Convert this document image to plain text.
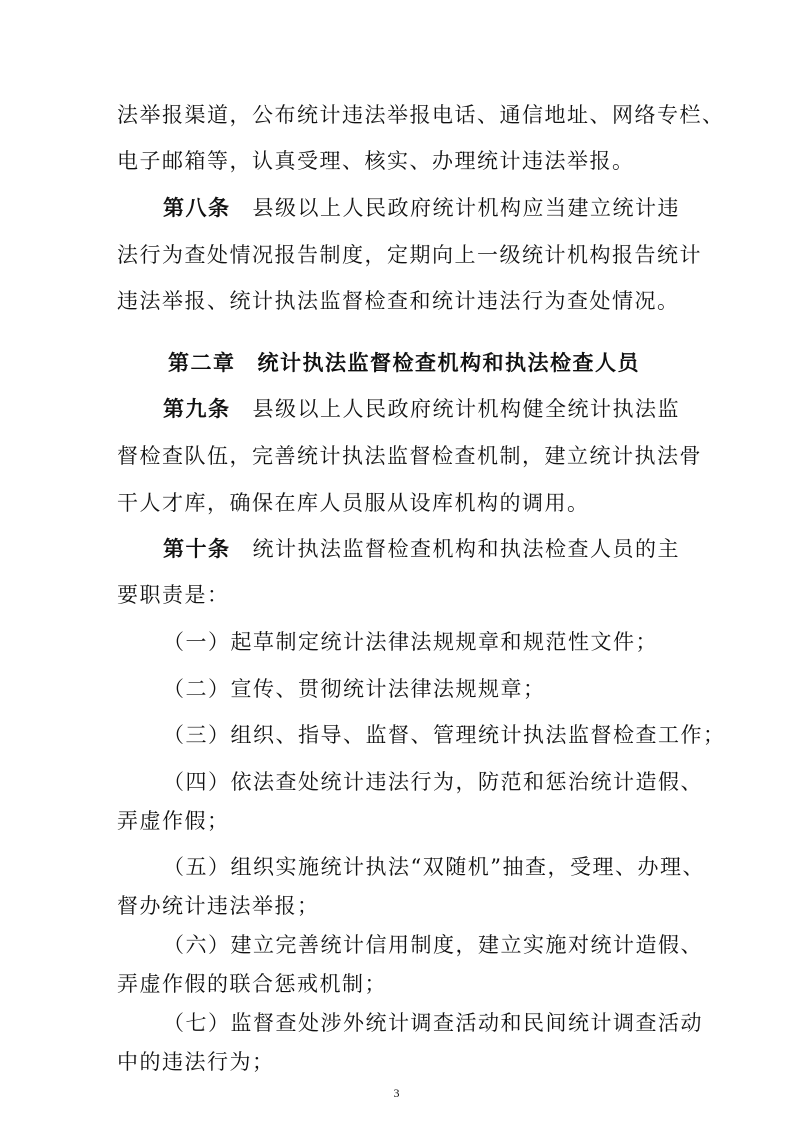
法举报渠道，公布统计违法举报电话、通信地址、网络专栏、
电子邮箱等，认真受理、核实、办理统计违法举报。
第八条 县级以上人民政府统计机构应当建立统计违
法行为查处情况报告制度，定期向上一级统计机构报告统计
违法举报、统计执法监督检查和统计违法行为查处情况。
第二章 统计执法监督检查机构和执法检查人员
第九条 县级以上人民政府统计机构健全统计执法监
督检查队伍，完善统计执法监督检查机制，建立统计执法骨
干人才库，确保在库人员服从设库机构的调用。
第十条 统计执法监督检查机构和执法检查人员的主
要职责是：
（一）起草制定统计法律法规规章和规范性文件；
（二）宣传、贯彻统计法律法规规章；
（三）组织、指导、监督、管理统计执法监督检查工作；
（四）依法查处统计违法行为，防范和惩治统计造假、
弄虚作假；
（五）组织实施统计执法“双随机”抽查，受理、办理、
督办统计违法举报；
（六）建立完善统计信用制度，建立实施对统计造假、
弄虚作假的联合惩戒机制；
3
（七）监督查处涉外统计调查活动和民间统计调查活动
中的违法行为；
